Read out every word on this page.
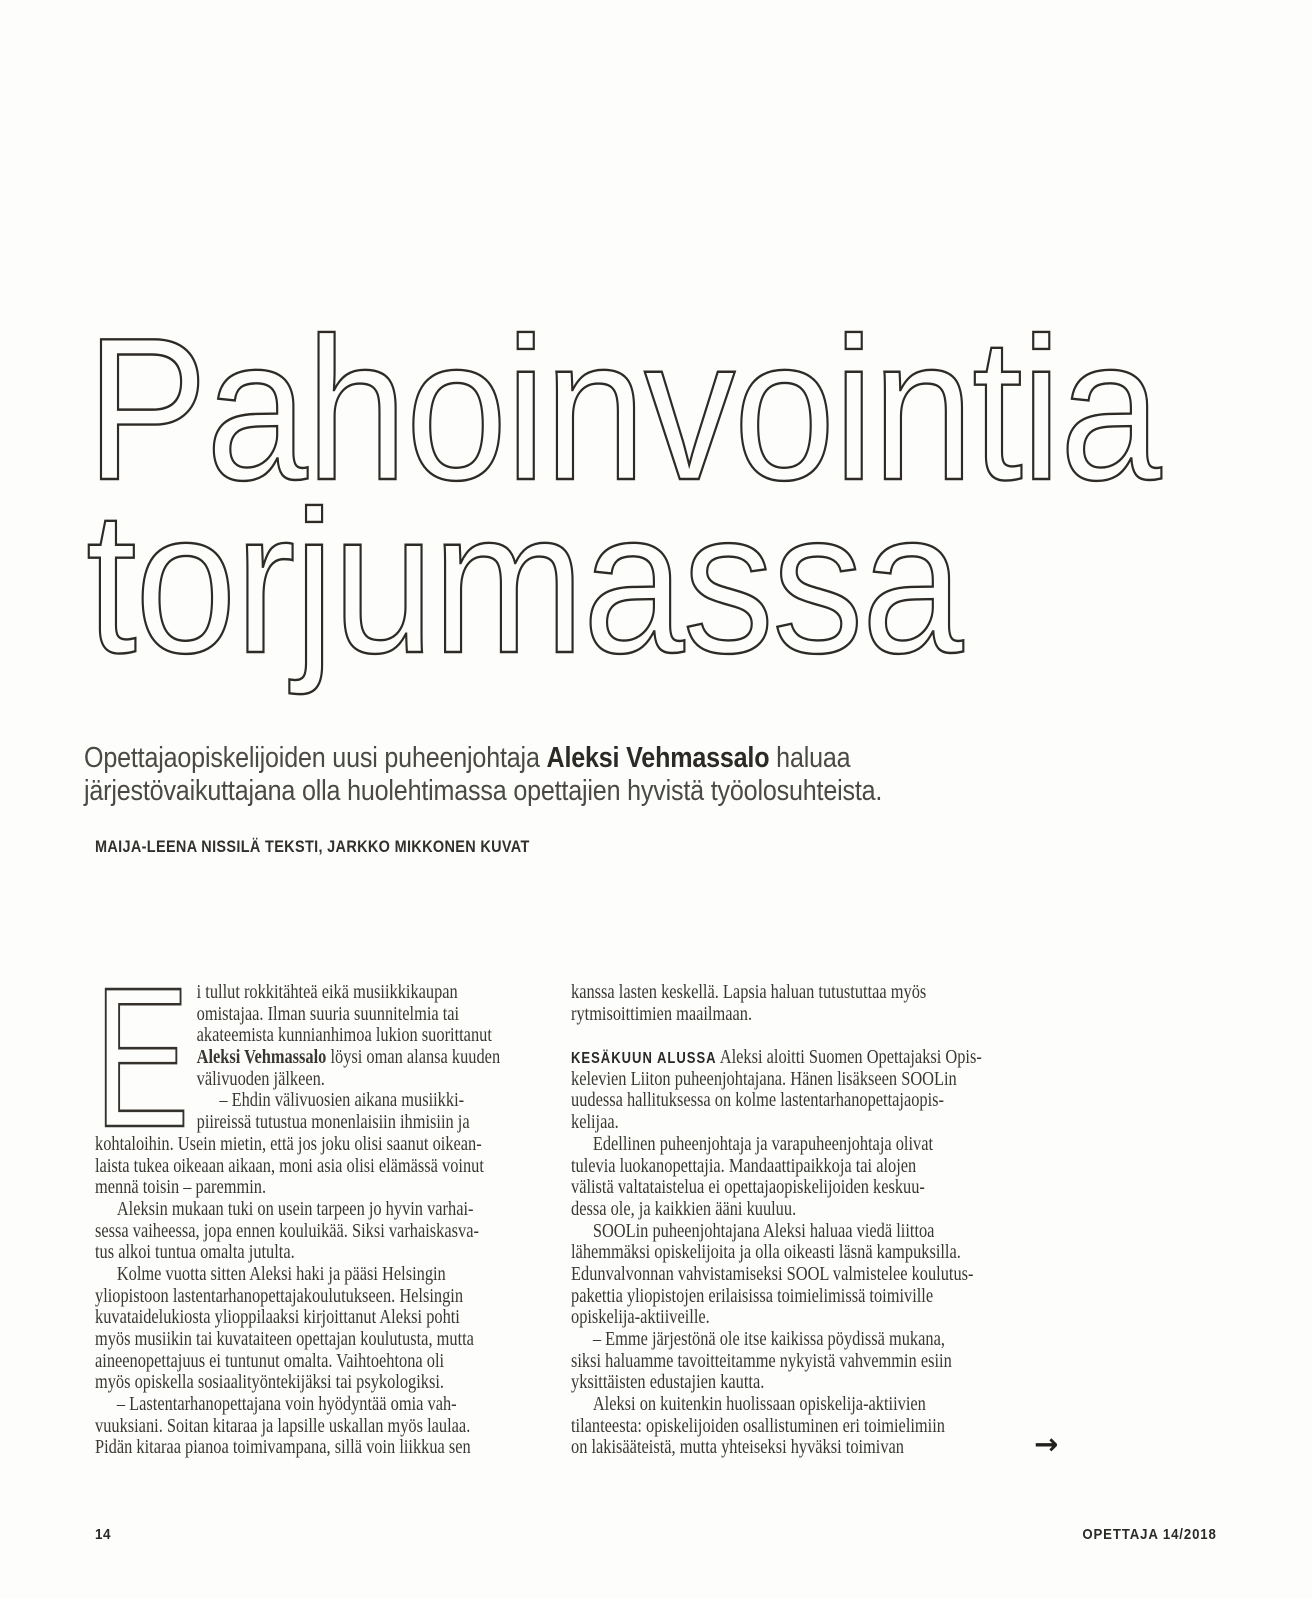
Pahoinvointia
torjumassa
Opettajaopiskelijoiden uusi puheenjohtaja Aleksi Vehmassalo haluaa
järjestövaikuttajana olla huolehtimassa opettajien hyvistä työolosuhteista.
MAIJA-LEENA NISSILÄ TEKSTI, JARKKO MIKKONEN KUVAT
E i tullut rokkitähteä eikä musiikkikaupan
omistajaa. Ilman suuria suunnitelmia tai
akateemista kunnianhimoa lukion suorittanut
Aleksi Vehmassalo löysi oman alansa kuuden
välivuoden jälkeen.
– Ehdin välivuosien aikana musiikki-
piireissä tutustua monenlaisiin ihmisiin ja
kohtaloihin. Usein mietin, että jos joku olisi saanut oikean-
laista tukea oikeaan aikaan, moni asia olisi elämässä voinut
mennä toisin – paremmin.
Aleksin mukaan tuki on usein tarpeen jo hyvin varhai-
sessa vaiheessa, jopa ennen kouluikää. Siksi varhaiskasva-
tus alkoi tuntua omalta jutulta.
Kolme vuotta sitten Aleksi haki ja pääsi Helsingin
yliopistoon lastentarhanopettajakoulutukseen. Helsingin
kuvataidelukiosta ylioppilaaksi kirjoittanut Aleksi pohti
myös musiikin tai kuvataiteen opettajan koulutusta, mutta
aineenopettajuus ei tuntunut omalta. Vaihtoehtona oli
myös opiskella sosiaalityöntekijäksi tai psykologiksi.
– Lastentarhanopettajana voin hyödyntää omia vah-
vuuksiani. Soitan kitaraa ja lapsille uskallan myös laulaa.
Pidän kitaraa pianoa toimivampana, sillä voin liikkua sen
kanssa lasten keskellä. Lapsia haluan tutustuttaa myös
rytmisoittimien maailmaan.
KESÄKUUN ALUSSA Aleksi aloitti Suomen Opettajaksi Opis-
kelevien Liiton puheenjohtajana. Hänen lisäkseen SOOLin
uudessa hallituksessa on kolme lastentarhanopettajaopis-
kelijaa.
Edellinen puheenjohtaja ja varapuheenjohtaja olivat
tulevia luokanopettajia. Mandaattipaikkoja tai alojen
välistä valtataistelua ei opettajaopiskelijoiden keskuu-
dessa ole, ja kaikkien ääni kuuluu.
SOOLin puheenjohtajana Aleksi haluaa viedä liittoa
lähemmäksi opiskelijoita ja olla oikeasti läsnä kampuksilla.
Edunvalvonnan vahvistamiseksi SOOL valmistelee koulutus-
pakettia yliopistojen erilaisissa toimielimissä toimiville
opiskelija-aktiiveille.
– Emme järjestönä ole itse kaikissa pöydissä mukana,
siksi haluamme tavoitteitamme nykyistä vahvemmin esiin
yksittäisten edustajien kautta.
Aleksi on kuitenkin huolissaan opiskelija-aktiivien
tilanteesta: opiskelijoiden osallistuminen eri toimielimiin
on lakisääteistä, mutta yhteiseksi hyväksi toimivan	→
14	OPETTAJA 14/2018
